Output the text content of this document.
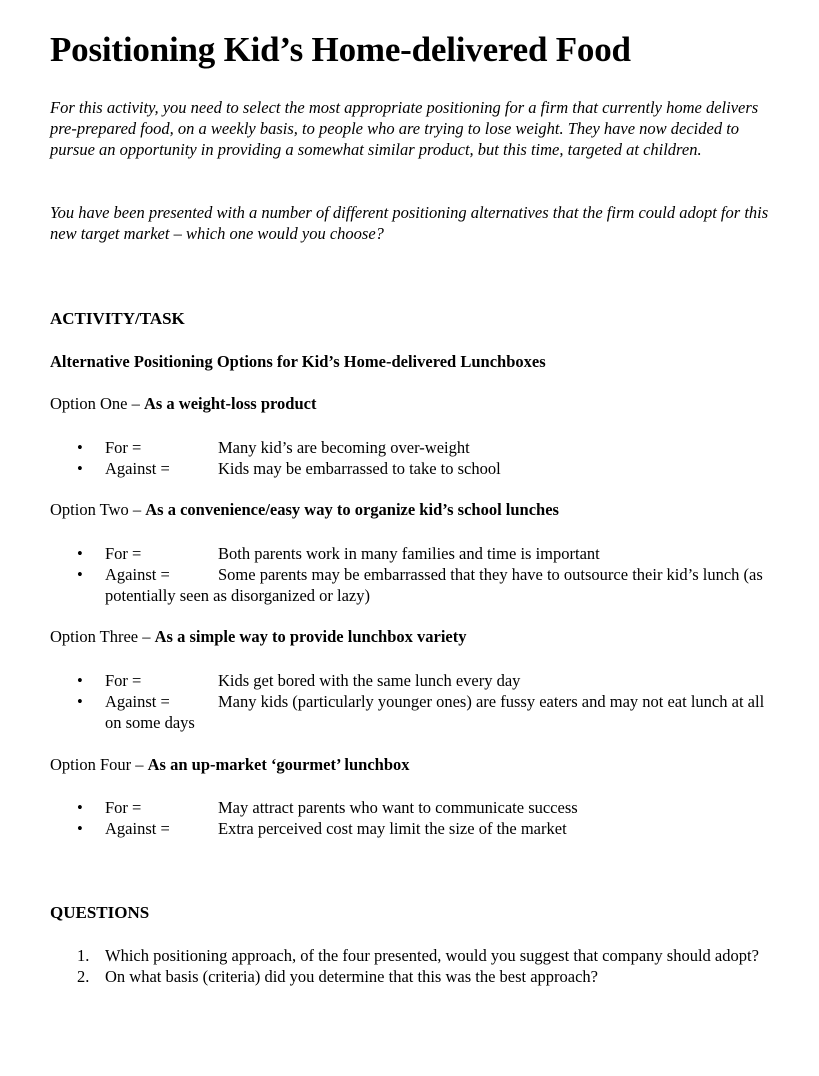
Positioning Kid’s Home-delivered Food

For this activity, you need to select the most appropriate positioning for a firm that currently home delivers pre-prepared food, on a weekly basis, to people who are trying to lose weight. They have now decided to pursue an opportunity in providing a somewhat similar product, but this time, targeted at children.

You have been presented with a number of different positioning alternatives that the firm could adopt for this new target market – which one would you choose?

ACTIVITY/TASK

Alternative Positioning Options for Kid’s Home-delivered Lunchboxes

Option One – As a weight-loss product

• For =	Many kid’s are becoming over-weight
• Against =	Kids may be embarrassed to take to school

Option Two – As a convenience/easy way to organize kid’s school lunches

• For =	Both parents work in many families and time is important
• Against =	Some parents may be embarrassed that they have to outsource their kid’s lunch (as potentially seen as disorganized or lazy)

Option Three – As a simple way to provide lunchbox variety

• For =	Kids get bored with the same lunch every day
• Against =	Many kids (particularly younger ones) are fussy eaters and may not eat lunch at all on some days

Option Four – As an up-market ‘gourmet’ lunchbox

• For =	May attract parents who want to communicate success
• Against =	Extra perceived cost may limit the size of the market

QUESTIONS

1. Which positioning approach, of the four presented, would you suggest that company should adopt?
2. On what basis (criteria) did you determine that this was the best approach?
